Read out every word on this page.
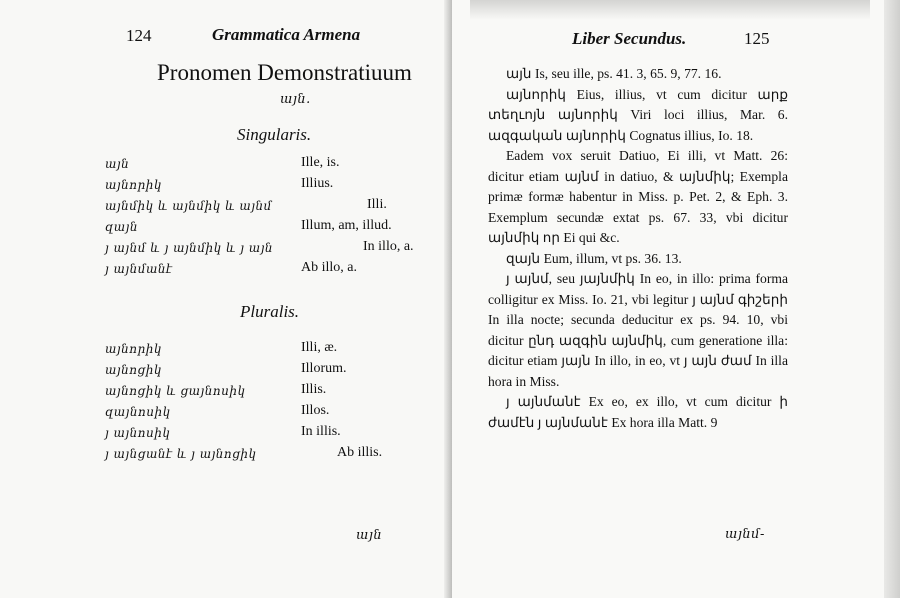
124	Grammatica Armena
Pronomen Demonstratiuum
այն.
Singularis.
այն	Ille, is.
այնորիկ	Illius.
այնմիկ և այնմիկ և այնմ	Illi.
զայն	Illum, am, illud.
յ այնմ և յ այնմիկ և յ այն	In illo, a.
յ այնմանէ	Ab illo, a.
Pluralis.
այնորիկ	Illi, æ.
այնոցիկ	Illorum.
այնոցիկ և ցայնոսիկ	Illis.
զայնոսիկ	Illos.
յ այնոսիկ	In illis.
յ այնցանէ և յ այնոցիկ	Ab illis.
այն
Liber Secundus.	125

այն Is, seu ille, ps. 41. 3, 65. 9, 77. 16.

այնորիկ Eius, illius, vt cum dicitur արք տեղւոյն այնորիկ Viri loci illius, Mar. 6. ազգական այնորիկ Cognatus illius, Io. 18.

Eadem vox seruit Datiuo, Ei illi, vt Matt. 26: dicitur etiam այնմ in datiuo, & այնմիկ; Exempla primæ formæ habentur in Miss. p. Pet. 2, & Eph. 3. Exemplum secundæ extat ps. 67. 33, vbi dicitur այնմիկ որ Ei qui &c.

զայն Eum, illum, vt ps. 36. 13.

յ այնմ, seu յայնմիկ In eo, in illo: prima forma colligitur ex Miss. Io. 21, vbi legitur յ այնմ գիշերի In illa nocte; secunda deducitur ex ps. 94. 10, vbi dicitur ընդ ազգին այնմիկ, cum generatione illa: dicitur etiam յայն In illo, in eo, vt յ այն ժամ In illa hora in Miss.

յ այնմանէ Ex eo, ex illo, vt cum dicitur ի ժամէն յ այնմանէ Ex hora illa Matt. 9

այնմ-
